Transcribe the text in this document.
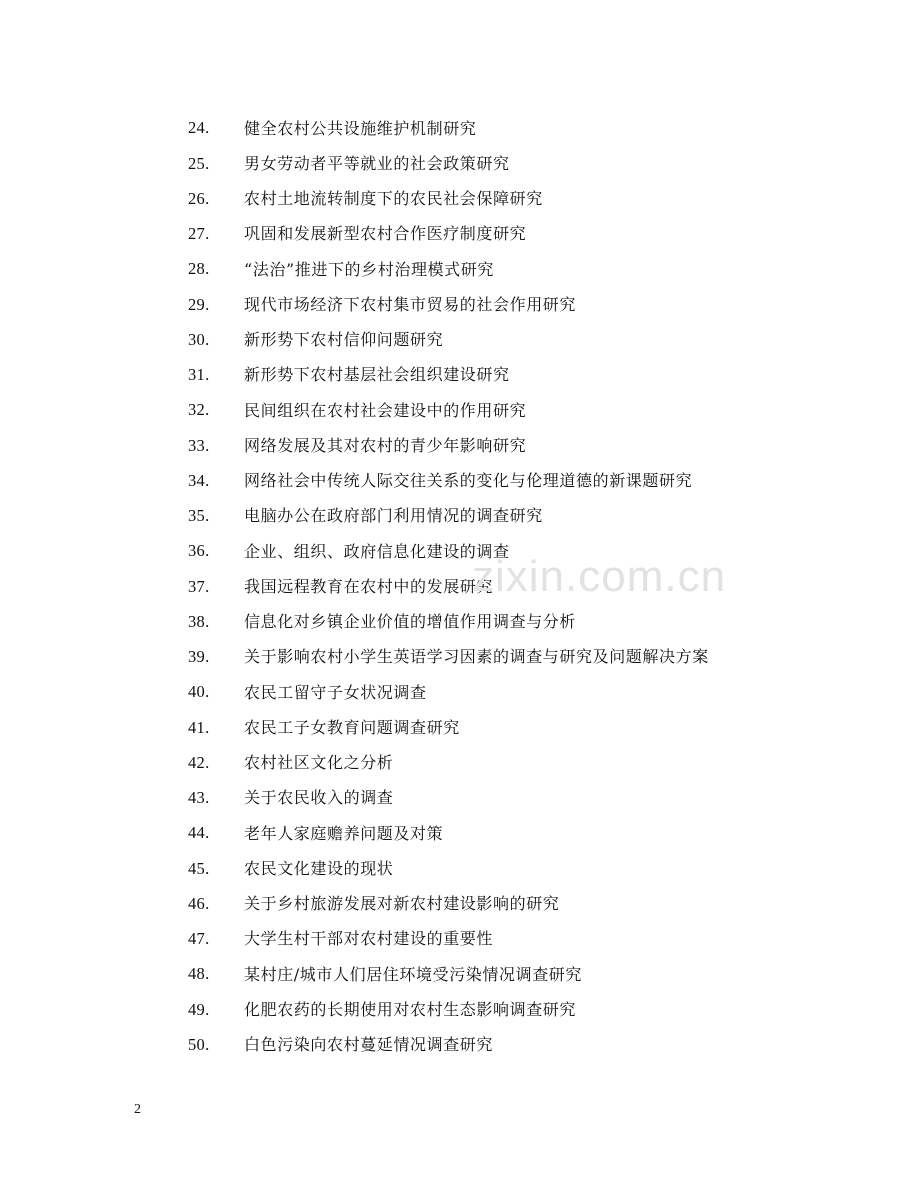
24.	健全农村公共设施维护机制研究
25.	男女劳动者平等就业的社会政策研究
26.	农村土地流转制度下的农民社会保障研究
27.	巩固和发展新型农村合作医疗制度研究
28.	“法治”推进下的乡村治理模式研究
29.	现代市场经济下农村集市贸易的社会作用研究
30.	新形势下农村信仰问题研究
31.	新形势下农村基层社会组织建设研究
32.	民间组织在农村社会建设中的作用研究
33.	网络发展及其对农村的青少年影响研究
34.	网络社会中传统人际交往关系的变化与伦理道德的新课题研究
35.	电脑办公在政府部门利用情况的调查研究
36.	企业、组织、政府信息化建设的调查
37.	我国远程教育在农村中的发展研究
38.	信息化对乡镇企业价值的增值作用调查与分析
39.	关于影响农村小学生英语学习因素的调查与研究及问题解决方案
40.	农民工留守子女状况调查
41.	农民工子女教育问题调查研究
42.	农村社区文化之分析
43.	关于农民收入的调查
44.	老年人家庭赡养问题及对策
45.	农民文化建设的现状
46.	关于乡村旅游发展对新农村建设影响的研究
47.	大学生村干部对农村建设的重要性
48.	某村庄/城市人们居住环境受污染情况调查研究
49.	化肥农药的长期使用对农村生态影响调查研究
50.	白色污染向农村蔓延情况调查研究
zixin.com.cn
2
